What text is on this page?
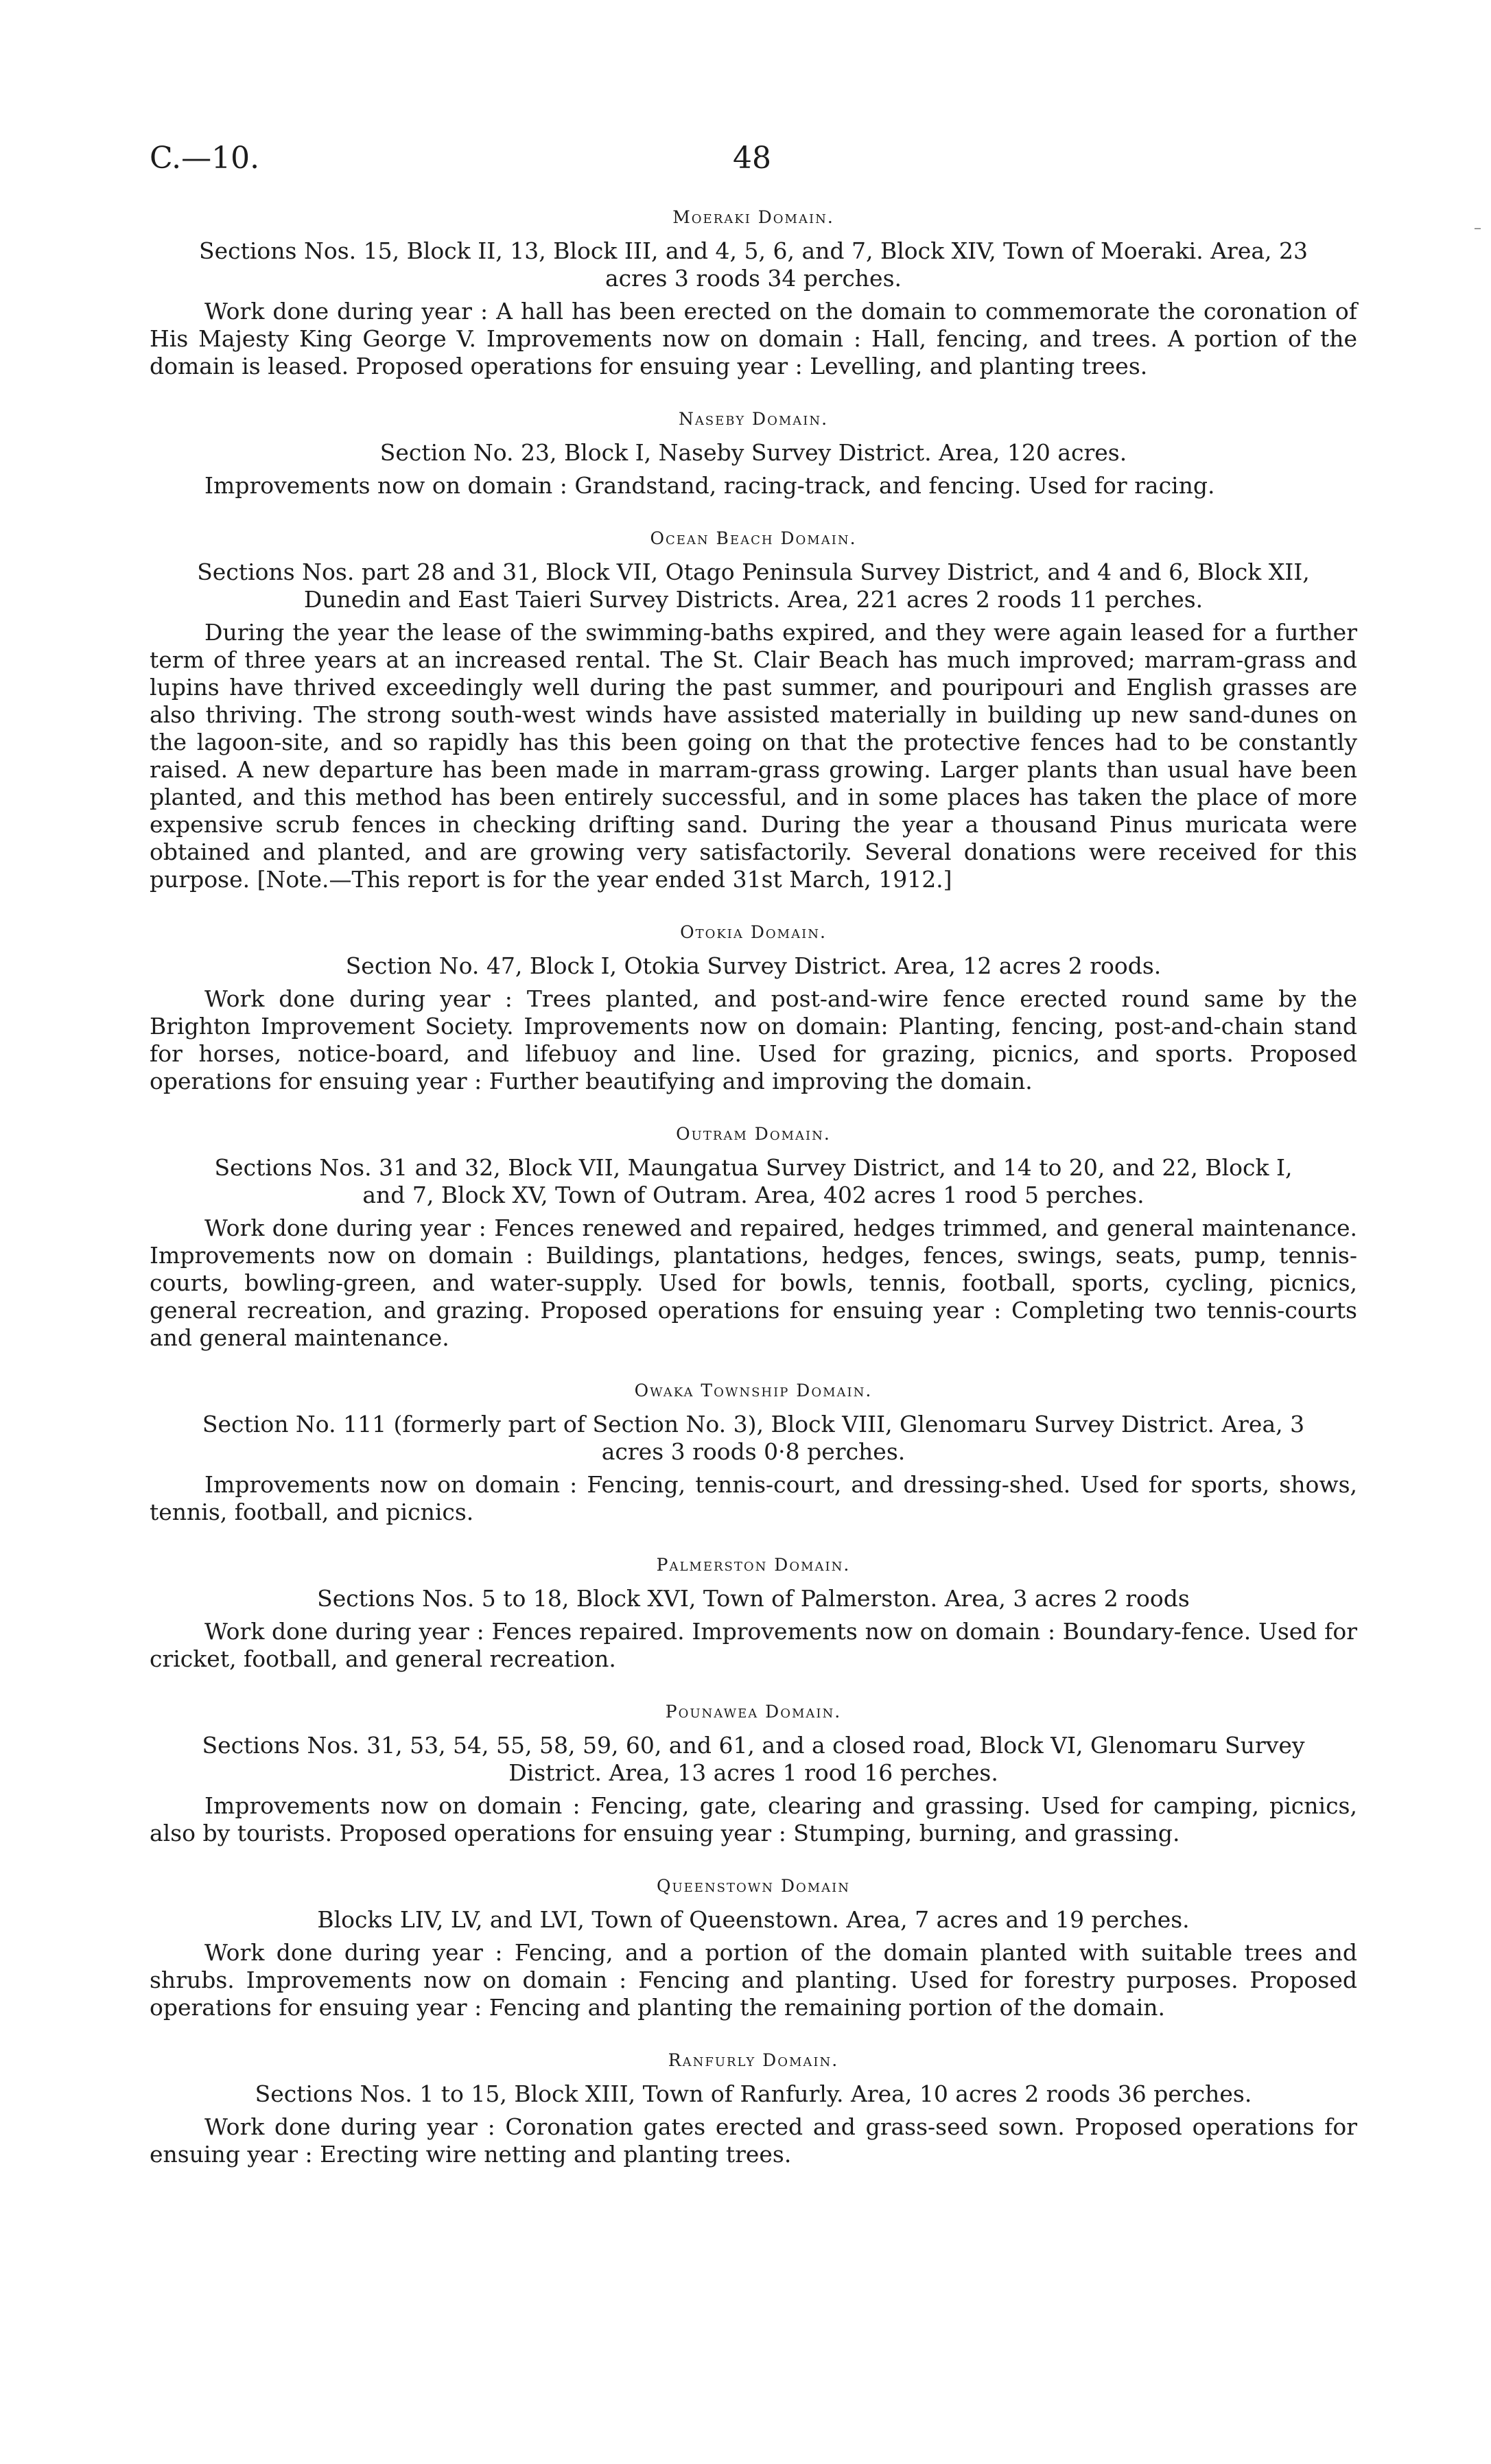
C.—10.	48
–
Moeraki Domain.
Sections Nos. 15, Block II, 13, Block III, and 4, 5, 6, and 7, Block XIV, Town of Moeraki. Area, 23 acres 3 roods 34 perches.
Work done during year : A hall has been erected on the domain to commemorate the coronation of His Majesty King George V. Improvements now on domain : Hall, fencing, and trees. A portion of the domain is leased. Proposed operations for ensuing year : Levelling, and planting trees.
Naseby Domain.
Section No. 23, Block I, Naseby Survey District. Area, 120 acres.
Improvements now on domain : Grandstand, racing-track, and fencing. Used for racing.
Ocean Beach Domain.
Sections Nos. part 28 and 31, Block VII, Otago Peninsula Survey District, and 4 and 6, Block XII, Dunedin and East Taieri Survey Districts. Area, 221 acres 2 roods 11 perches.
During the year the lease of the swimming-baths expired, and they were again leased for a further term of three years at an increased rental. The St. Clair Beach has much improved; marram-grass and lupins have thrived exceedingly well during the past summer, and pouripouri and English grasses are also thriving. The strong south-west winds have assisted materially in building up new sand-dunes on the lagoon-site, and so rapidly has this been going on that the protective fences had to be constantly raised. A new departure has been made in marram-grass growing. Larger plants than usual have been planted, and this method has been entirely successful, and in some places has taken the place of more expensive scrub fences in checking drifting sand. During the year a thousand Pinus muricata were obtained and planted, and are growing very satisfactorily. Several donations were received for this purpose. [Note.—This report is for the year ended 31st March, 1912.]
Otokia Domain.
Section No. 47, Block I, Otokia Survey District. Area, 12 acres 2 roods.
Work done during year : Trees planted, and post-and-wire fence erected round same by the Brighton Improvement Society. Improvements now on domain: Planting, fencing, post-and-chain stand for horses, notice-board, and lifebuoy and line. Used for grazing, picnics, and sports. Proposed operations for ensuing year : Further beautifying and improving the domain.
Outram Domain.
Sections Nos. 31 and 32, Block VII, Maungatua Survey District, and 14 to 20, and 22, Block I, and 7, Block XV, Town of Outram. Area, 402 acres 1 rood 5 perches.
Work done during year : Fences renewed and repaired, hedges trimmed, and general maintenance. Improvements now on domain : Buildings, plantations, hedges, fences, swings, seats, pump, tennis-courts, bowling-green, and water-supply. Used for bowls, tennis, football, sports, cycling, picnics, general recreation, and grazing. Proposed operations for ensuing year : Completing two tennis-courts and general maintenance.
Owaka Township Domain.
Section No. 111 (formerly part of Section No. 3), Block VIII, Glenomaru Survey District. Area, 3 acres 3 roods 0·8 perches.
Improvements now on domain : Fencing, tennis-court, and dressing-shed. Used for sports, shows, tennis, football, and picnics.
Palmerston Domain.
Sections Nos. 5 to 18, Block XVI, Town of Palmerston. Area, 3 acres 2 roods
Work done during year : Fences repaired. Improvements now on domain : Boundary-fence. Used for cricket, football, and general recreation.
Pounawea Domain.
Sections Nos. 31, 53, 54, 55, 58, 59, 60, and 61, and a closed road, Block VI, Glenomaru Survey District. Area, 13 acres 1 rood 16 perches.
Improvements now on domain : Fencing, gate, clearing and grassing. Used for camping, picnics, also by tourists. Proposed operations for ensuing year : Stumping, burning, and grassing.
Queenstown Domain
Blocks LIV, LV, and LVI, Town of Queenstown. Area, 7 acres and 19 perches.
Work done during year : Fencing, and a portion of the domain planted with suitable trees and shrubs. Improvements now on domain : Fencing and planting. Used for forestry purposes. Proposed operations for ensuing year : Fencing and planting the remaining portion of the domain.
Ranfurly Domain.
Sections Nos. 1 to 15, Block XIII, Town of Ranfurly. Area, 10 acres 2 roods 36 perches.
Work done during year : Coronation gates erected and grass-seed sown. Proposed operations for ensuing year : Erecting wire netting and planting trees.
